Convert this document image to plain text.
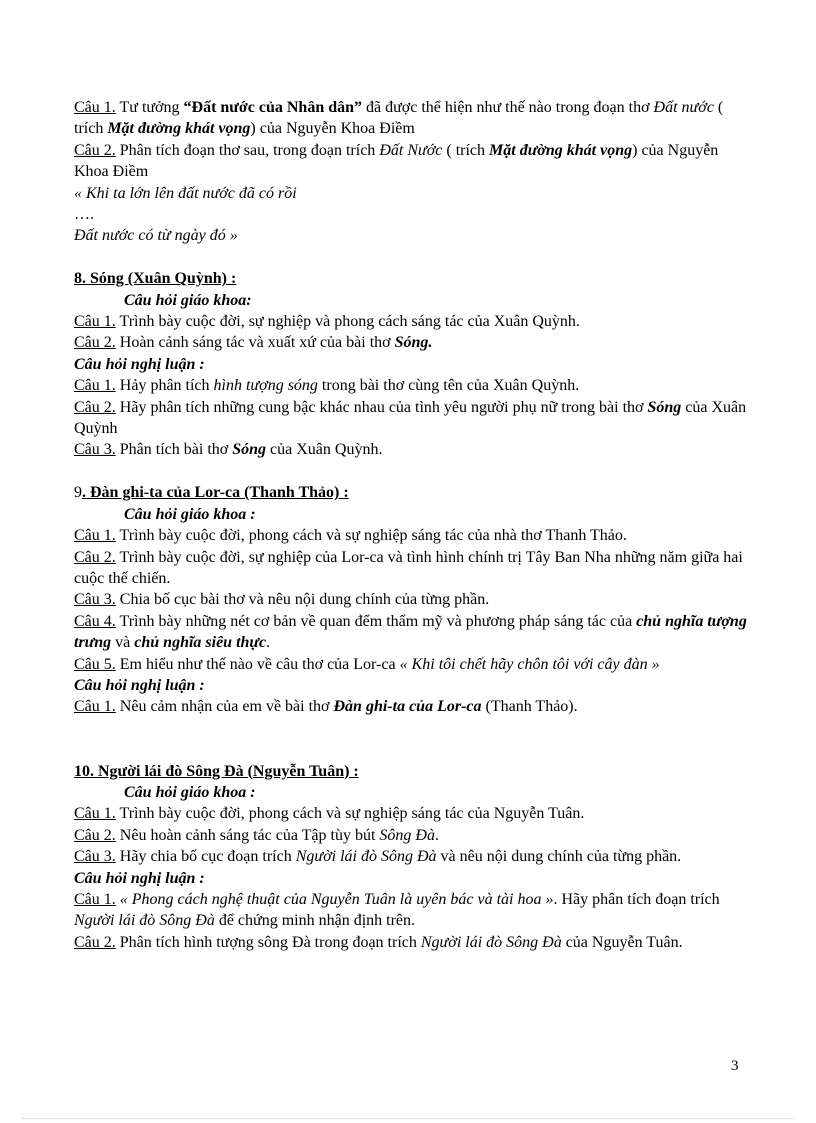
Câu 1. Tư tưởng “Đất nước của Nhân dân” đã được thể hiện như thế nào trong đoạn thơ Đất nước ( trích Mặt đường khát vọng) của Nguyễn Khoa Điềm

Câu 2. Phân tích đoạn thơ sau, trong đoạn trích Đất Nước ( trích Mặt đường khát vọng) của Nguyễn Khoa Điềm

« Khi ta lớn lên đất nước đã có rồi

….

Đất nước có từ ngày đó »

8. Sóng (Xuân Quỳnh) :

Câu hỏi giáo khoa:

Câu 1. Trình bày cuộc đời, sự nghiệp và phong cách sáng tác của Xuân Quỳnh.

Câu 2. Hoàn cảnh sáng tác và xuất xứ của bài thơ Sóng.

Câu hỏi nghị luận :

Câu 1. Hảy phân tích hình tượng sóng trong bài thơ cùng tên của Xuân Quỳnh.

Câu 2. Hãy phân tích những cung bậc khác nhau của tình yêu người phụ nữ trong bài thơ Sóng của Xuân Quỳnh

Câu 3. Phân tích bài thơ Sóng của Xuân Quỳnh.

9. Đàn ghi-ta của Lor-ca (Thanh Thảo) :

Câu hỏi giáo khoa :

Câu 1. Trình bày cuộc đời, phong cách và sự nghiệp sáng tác của nhà thơ Thanh Thảo.

Câu 2. Trình bày cuộc đời, sự nghiệp của Lor-ca và tình hình chính trị Tây Ban Nha những năm giữa hai cuộc thế chiến.

Câu 3. Chia bố cục bài thơ và nêu nội dung chính của từng phần.

Câu 4. Trình bày những nét cơ bản về quan đểm thẩm mỹ và phương pháp sáng tác của chủ nghĩa tượng trưng và chủ nghĩa siêu thực.

Câu 5. Em hiểu như thế nào về câu thơ của Lor-ca « Khi tôi chết hãy chôn tôi với cây đàn »

Câu hỏi nghị luận :

Câu 1. Nêu cảm nhận của em về bài thơ Đàn ghi-ta của Lor-ca (Thanh Thảo).

10. Người lái đò Sông Đà (Nguyễn Tuân) :

Câu hỏi giáo khoa :

Câu 1. Trình bày cuộc đời, phong cách và sự nghiệp sáng tác của Nguyễn Tuân.

Câu 2. Nêu hoàn cảnh sáng tác của Tập tùy bút Sông Đà.

Câu 3. Hãy chia bố cục đoạn trích Người lái đò Sông Đà và nêu nội dung chính của từng phần.

Câu hỏi nghị luận :

Câu 1. « Phong cách nghệ thuật của Nguyễn Tuân là uyên bác và tài hoa ». Hãy phân tích đoạn trích Người lái đò Sông Đà để chứng minh nhận định trên.

Câu 2. Phân tích hình tượng sông Đà trong đoạn trích Người lái đò Sông Đà của Nguyễn Tuân.

3
